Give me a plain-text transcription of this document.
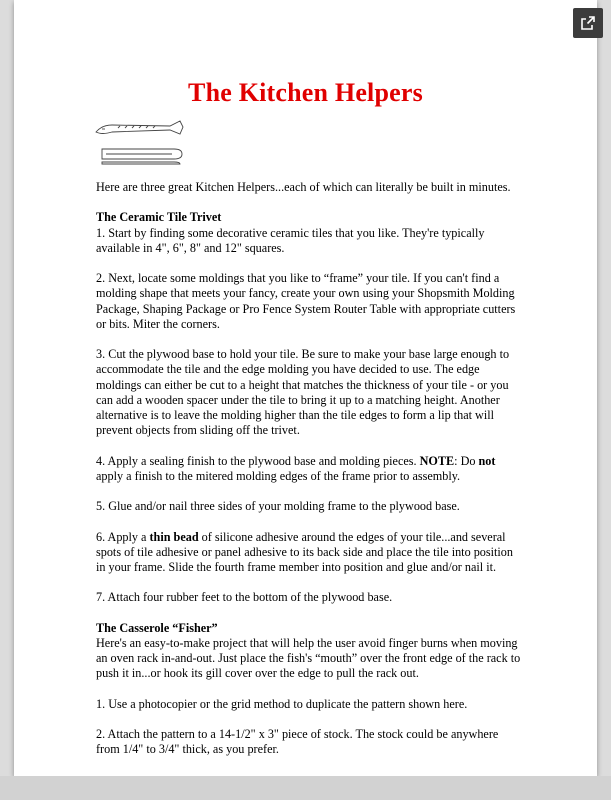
The Kitchen Helpers

Here are three great Kitchen Helpers...each of which can literally be built in minutes.

The Ceramic Tile Trivet

1. Start by finding some decorative ceramic tiles that you like. They're typically available in 4", 6", 8" and 12" squares.

2. Next, locate some moldings that you like to “frame” your tile. If you can't find a molding shape that meets your fancy, create your own using your Shopsmith Molding Package, Shaping Package or Pro Fence System Router Table with appropriate cutters or bits. Miter the corners.

3. Cut the plywood base to hold your tile. Be sure to make your base large enough to accommodate the tile and the edge molding you have decided to use. The edge moldings can either be cut to a height that matches the thickness of your tile - or you can add a wooden spacer under the tile to bring it up to a matching height. Another alternative is to leave the molding higher than the tile edges to form a lip that will prevent objects from sliding off the trivet.

4. Apply a sealing finish to the plywood base and molding pieces. NOTE: Do not apply a finish to the mitered molding edges of the frame prior to assembly.

5. Glue and/or nail three sides of your molding frame to the plywood base.

6. Apply a thin bead of silicone adhesive around the edges of your tile...and several spots of tile adhesive or panel adhesive to its back side and place the tile into position in your frame. Slide the fourth frame member into position and glue and/or nail it.

7. Attach four rubber feet to the bottom of the plywood base.

The Casserole “Fisher”

Here's an easy-to-make project that will help the user avoid finger burns when moving an oven rack in-and-out. Just place the fish's “mouth” over the front edge of the rack to push it in...or hook its gill cover over the edge to pull the rack out.

1. Use a photocopier or the grid method to duplicate the pattern shown here.

2. Attach the pattern to a 14-1/2" x 3" piece of stock. The stock could be anywhere from 1/4" to 3/4" thick, as you prefer.
